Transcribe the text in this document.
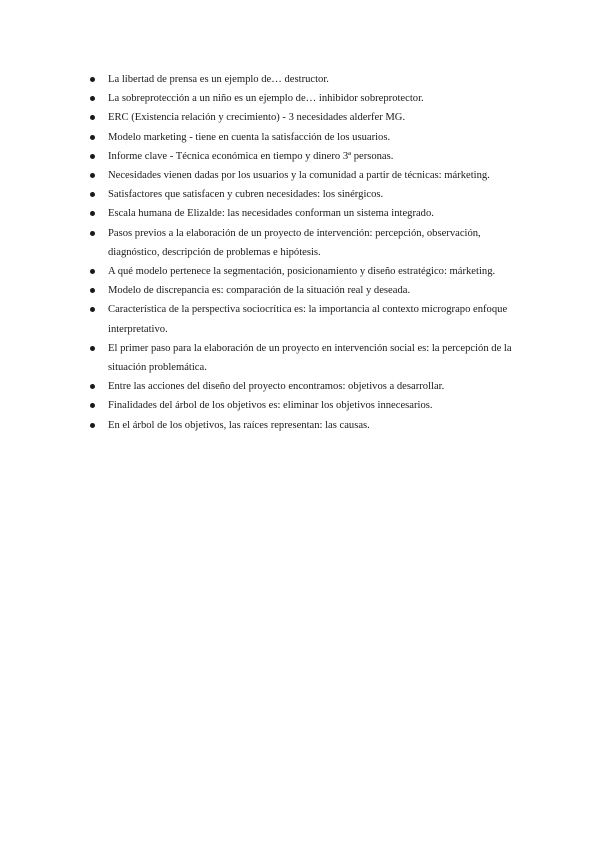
La libertad de prensa es un ejemplo de… destructor.
La sobreprotección a un niño es un ejemplo de… inhibidor sobreprotector.
ERC (Existencia relación y crecimiento) - 3 necesidades alderfer MG.
Modelo marketing - tiene en cuenta la satisfacción de los usuarios.
Informe clave - Técnica económica en tiempo y dinero 3ª personas.
Necesidades vienen dadas por los usuarios y la comunidad a partir de técnicas: márketing.
Satisfactores que satisfacen y cubren necesidades: los sinérgicos.
Escala humana de Elizalde: las necesidades conforman un sistema integrado.
Pasos previos a la elaboración de un proyecto de intervención: percepción, observación, diagnóstico, descripción de problemas e hipótesis.
A qué modelo pertenece la segmentación, posicionamiento y diseño estratégico: márketing.
Modelo de discrepancia es: comparación de la situación real y deseada.
Característica de la perspectiva sociocrítica es: la importancia al contexto micrograpo enfoque interpretativo.
El primer paso para la elaboración de un proyecto en intervención social es: la percepción de la situación problemática.
Entre las acciones del diseño del proyecto encontramos: objetivos a desarrollar.
Finalidades del árbol de los objetivos es: eliminar los objetivos innecesarios.
En el árbol de los objetivos, las raíces representan: las causas.
